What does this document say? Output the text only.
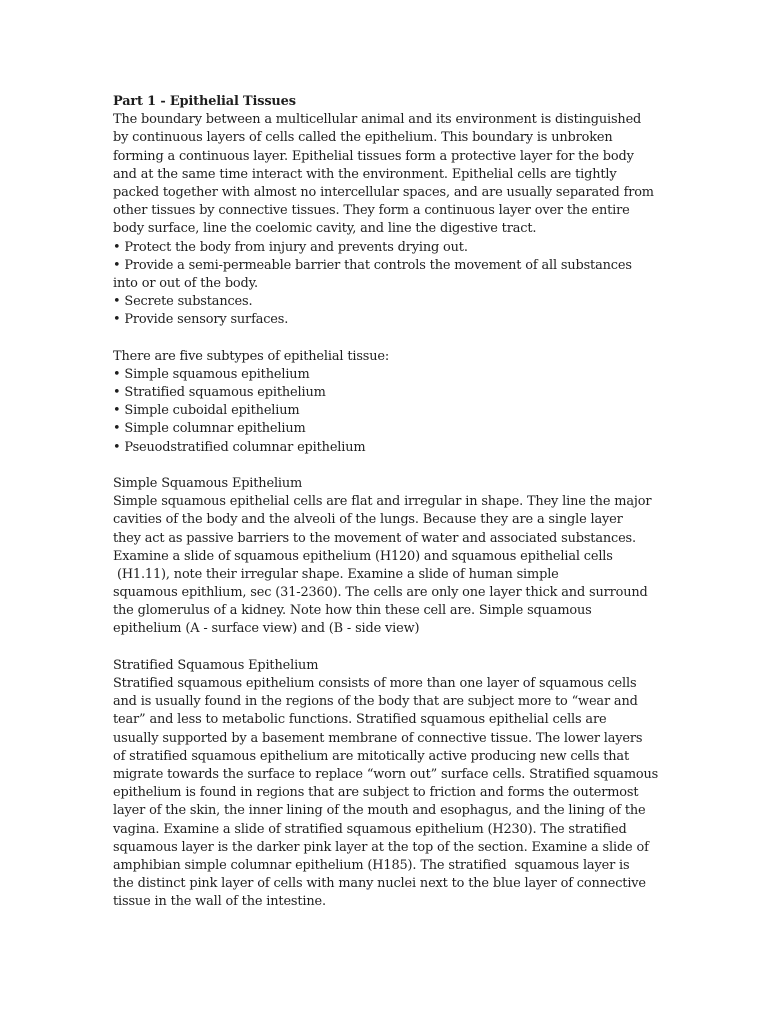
Part 1 - Epithelial Tissues
The boundary between a multicellular animal and its environment is distinguished
by continuous layers of cells called the epithelium. This boundary is unbroken
forming a continuous layer. Epithelial tissues form a protective layer for the body
and at the same time interact with the environment. Epithelial cells are tightly
packed together with almost no intercellular spaces, and are usually separated from
other tissues by connective tissues. They form a continuous layer over the entire
body surface, line the coelomic cavity, and line the digestive tract.
• Protect the body from injury and prevents drying out.
• Provide a semi-permeable barrier that controls the movement of all substances
into or out of the body.
• Secrete substances.
• Provide sensory surfaces.
There are five subtypes of epithelial tissue:
• Simple squamous epithelium
• Stratified squamous epithelium
• Simple cuboidal epithelium
• Simple columnar epithelium
• Pseuodstratified columnar epithelium
Simple Squamous Epithelium
Simple squamous epithelial cells are flat and irregular in shape. They line the major
cavities of the body and the alveoli of the lungs. Because they are a single layer
they act as passive barriers to the movement of water and associated substances.
Examine a slide of squamous epithelium (H120) and squamous epithelial cells
(H1.11), note their irregular shape. Examine a slide of human simple
squamous epithlium, sec (31-2360). The cells are only one layer thick and surround
the glomerulus of a kidney. Note how thin these cell are. Simple squamous
epithelium (A - surface view) and (B - side view)
Stratified Squamous Epithelium
Stratified squamous epithelium consists of more than one layer of squamous cells
and is usually found in the regions of the body that are subject more to “wear and
tear” and less to metabolic functions. Stratified squamous epithelial cells are
usually supported by a basement membrane of connective tissue. The lower layers
of stratified squamous epithelium are mitotically active producing new cells that
migrate towards the surface to replace “worn out” surface cells. Stratified squamous
epithelium is found in regions that are subject to friction and forms the outermost
layer of the skin, the inner lining of the mouth and esophagus, and the lining of the
vagina. Examine a slide of stratified squamous epithelium (H230). The stratified
squamous layer is the darker pink layer at the top of the section. Examine a slide of
amphibian simple columnar epithelium (H185). The stratified  squamous layer is
the distinct pink layer of cells with many nuclei next to the blue layer of connective
tissue in the wall of the intestine.
